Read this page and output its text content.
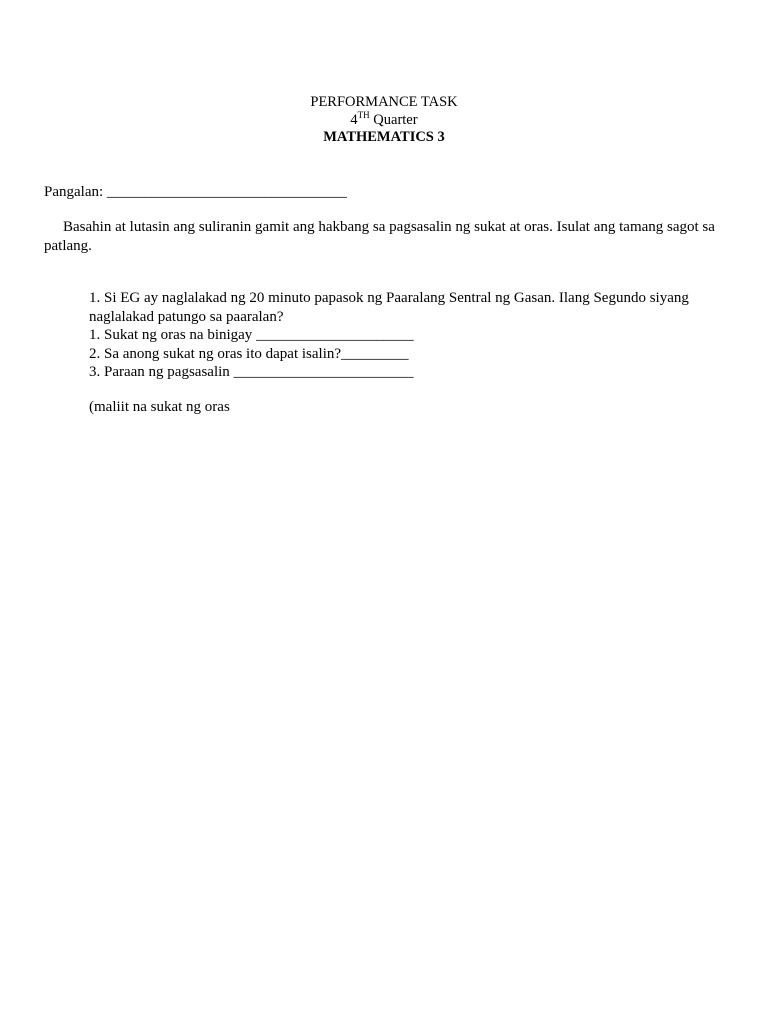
PERFORMANCE TASK
4TH Quarter
MATHEMATICS 3
Pangalan: ________________________________
Basahin at lutasin ang suliranin gamit ang hakbang sa pagsasalin ng sukat at oras. Isulat ang tamang sagot sa patlang.
1. Si EG ay naglalakad ng 20 minuto papasok ng Paaralang Sentral ng Gasan. Ilang Segundo siyang naglalakad patungo sa paaralan?
1. Sukat ng oras na binigay _____________________
2. Sa anong sukat ng oras ito dapat isalin?_________
3. Paraan ng pagsasalin ________________________
(maliit na sukat ng oras
